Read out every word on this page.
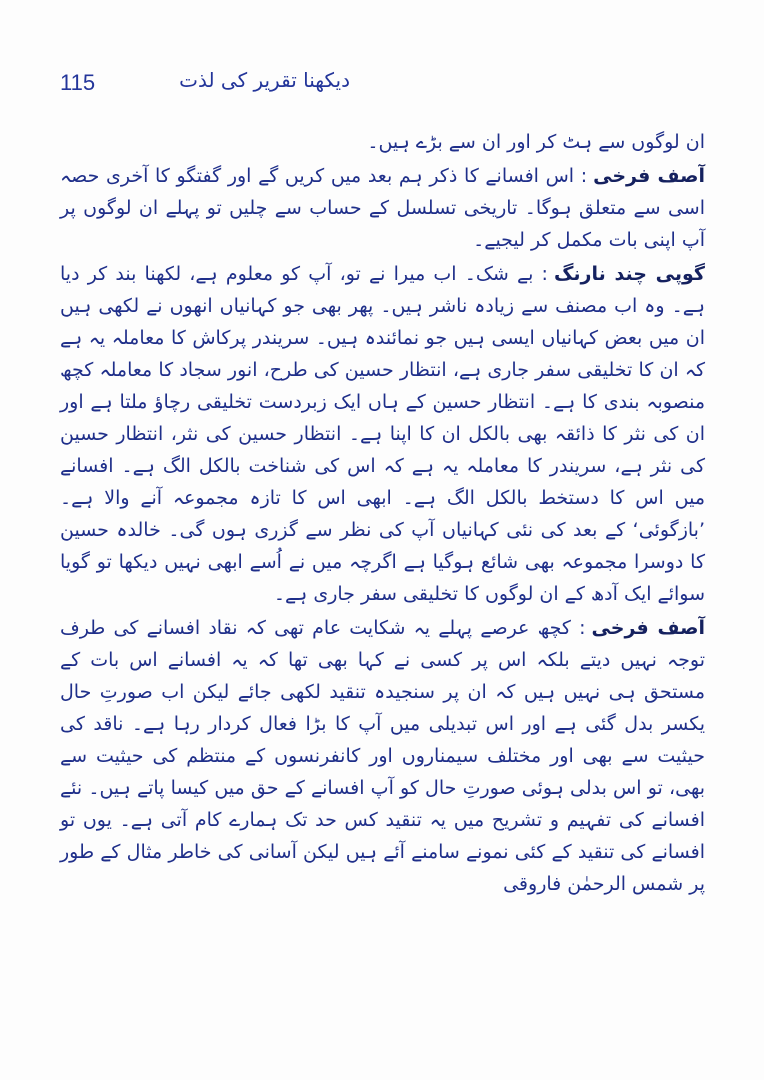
115	دیکھنا تقریر کی لذت

ان لوگوں سے ہٹ کر اور ان سے بڑے ہیں۔

آصف فرخی: اس افسانے کا ذکر ہم بعد میں کریں گے اور گفتگو کا آخری حصہ اسی سے متعلق ہوگا۔ تاریخی تسلسل کے حساب سے چلیں تو پہلے ان لوگوں پر آپ اپنی بات مکمل کر لیجیے۔

گوپی چند نارنگ: بے شک۔ اب میرا نے تو، آپ کو معلوم ہے، لکھنا بند کر دیا ہے۔ وہ اب مصنف سے زیادہ ناشر ہیں۔ پھر بھی جو کہانیاں انھوں نے لکھی ہیں ان میں بعض کہانیاں ایسی ہیں جو نمائندہ ہیں۔ سریندر پرکاش کا معاملہ یہ ہے کہ ان کا تخلیقی سفر جاری ہے، انتظار حسین کی طرح، انور سجاد کا معاملہ کچھ منصوبہ بندی کا ہے۔ انتظار حسین کے ہاں ایک زبردست تخلیقی رچاؤ ملتا ہے اور ان کی نثر کا ذائقہ بھی بالکل ان کا اپنا ہے۔ انتظار حسین کی نثر، انتظار حسین کی نثر ہے، سریندر کا معاملہ یہ ہے کہ اس کی شناخت بالکل الگ ہے۔ افسانے میں اس کا دستخط بالکل الگ ہے۔ ابھی اس کا تازہ مجموعہ آنے والا ہے۔ ’بازگوئی‘ کے بعد کی نئی کہانیاں آپ کی نظر سے گزری ہوں گی۔ خالدہ حسین کا دوسرا مجموعہ بھی شائع ہوگیا ہے اگرچہ میں نے اُسے ابھی نہیں دیکھا تو گویا سوائے ایک آدھ کے ان لوگوں کا تخلیقی سفر جاری ہے۔

آصف فرخی: کچھ عرصے پہلے یہ شکایت عام تھی کہ نقاد افسانے کی طرف توجہ نہیں دیتے بلکہ اس پر کسی نے کہا بھی تھا کہ یہ افسانے اس بات کے مستحق ہی نہیں ہیں کہ ان پر سنجیدہ تنقید لکھی جائے لیکن اب صورتِ حال یکسر بدل گئی ہے اور اس تبدیلی میں آپ کا بڑا فعال کردار رہا ہے۔ ناقد کی حیثیت سے بھی اور مختلف سیمناروں اور کانفرنسوں کے منتظم کی حیثیت سے بھی، تو اس بدلی ہوئی صورتِ حال کو آپ افسانے کے حق میں کیسا پاتے ہیں۔ نئے افسانے کی تفہیم و تشریح میں یہ تنقید کس حد تک ہمارے کام آتی ہے۔ یوں تو افسانے کی تنقید کے کئی نمونے سامنے آئے ہیں لیکن آسانی کی خاطر مثال کے طور پر شمس الرحمٰن فاروقی
